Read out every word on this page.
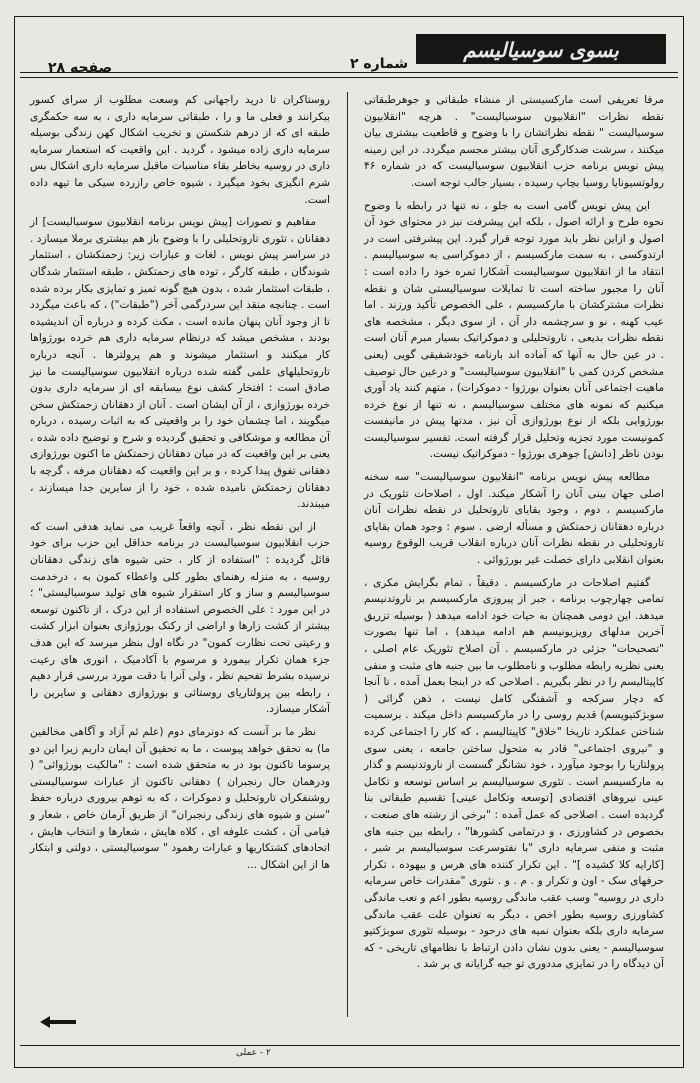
بسوی سوسیالیسم
شماره ۲
صفحه ۲۸

مرفا تعریفی است مارکسیستی از منشاء طبقاتی و جوهرطبقاتی نقطه نظرات "انقلابیون سوسیالیست" . هرچه "انقلابیون سوسیالیست " نقطه نظراتشان را با وضوح و قاطعیت بیشتری بیان میکنند ، سرشت ضدکارگری آنان بیشتر مجسم میگردد. در این زمینه پیش نویس برنامه حزب انقلابیون سوسیالیست که در شماره ۴۶ رولوتسیونایا روسیا بچاپ رسیده ، بسیار جالب توجه است.

این پیش نویس گامی است به جلو ، نه تنها در رابطه با وضوح نحوه طرح و ارائه اصول ، بلکه این پیشرفت نیز در محتوای خود آن اصول و ازاین نظر باید مورد توجه قرار گیرد. این پیشرفتی است در ارتدوکسی ، به سمت مارکسیسم ، از دموکراسی به سوسیالیسم . انتقاد ما از انقلابیون سوسیالیست آشکارا ثمره خود را داده است : آنان را مجبور ساخته است تا تمایلات سوسیالیستی شان و نقطه نظرات مشترکشان با مارکسیسم ، علی الخصوص تأکید ورزند . اما عیب کهنه ، نو و سرچشمه دار آن ، از سوی دیگر ، مشخصه های نقطه نظرات بدیعی ، تاروتحلیلی و دموکراتیک بسیار مبرم آنان است . در عین حال به آنها که آماده اند بارنامه خودشفیقی گویی (یعنی مشخص کردن کمی با "انقلابیون سوسیالیست" و درعین حال توصیف ماهیت اجتماعی آنان بعنوان بورژوا - دموکرات) ، متهم کنند یاد آوری میکنیم که نمونه های مختلف سوسیالیسم ، نه تنها از نوع خرده بورژوایی بلکه از نوع بورژوازی آن نیز ، مدتها پیش در مانیفست کمونیست مورد تجزیه وتحلیل قرار گرفته است. تفسیر سوسیالیست بودن ناظر [دانش] جوهری بورژوا - دموکراتیک نیست.

مطالعه پیش نویس برنامه "انقلابیون سوسیالیست" سه سخنه اصلی جهان بینی آنان را آشکار میکند. اول ، اصلاحات تئوریک در مارکسیسم ، دوم ، وجود بقایای تاروتحلیل در نقطه نظرات آنان درباره دهقانان زحمتکش و مسأله ارضی . سوم : وجود همان بقایای تاروتحلیلی در نقطه نظرات آنان درباره انقلاب قریب الوقوع روسیه بعنوان انقلابی دارای خصلت غیر بورژوائی .

گفتیم اصلاحات در مارکسیسم . دقیقاً ، تمام بگرایش مکری ، تمامی چهارچوب برنامه ، جبر از پیروزی مارکسیسم بر ناروتدنیسم میدهد. این دومی همچنان به حیات خود ادامه میدهد ( بوسیله تزریق آخرین مدلهای رویزیونیسم هم ادامه میدهد) ، اما تنها بصورت "تصحیحات" جزئی در مارکسیسم . آن اصلاح تئوریک عام اصلی ، یعنی نظریه رابطه مطلوب و نامطلوب ما بین جنبه های مثبت و منفی کاپیتالیسم را در نظر بگیریم . اصلاحی که در اینجا بعمل آمده ، تا آنجا که دچار سرکجه و آشفتگی کامل نیست ، ذهن گرائی ( سوبژکتیویسم) قدیم روسی را در مارکسیسم داخل میکند . برسمیت شناختن عملکرد تاریخا "خلاق" کاپیتالیسم ، که کار را اجتماعی کرده و "نیروی اجتماعی" قادر به متحول ساختن جامعه ، یعنی سوی پرولتاریا را بوجود میآورد ، خود نشانگر گسست از ناروتدنیسم و گذار به مارکسیسم است . تئوری سوسیالیسم بر اساس توسعه و تکامل عینی نیروهای اقتصادی [توسعه وتکامل عینی] تقسیم طبقاتی بنا گردیده است . اصلاحی که عمل آمده : "برخی از رشته های صنعت ، بخصوص در کشاورزی ، و درتمامی کشورها" ، رابطه بین جنبه های مثبت و منفی سرمایه داری "با نفتوسرعت سوسیالیسم بر شبر ، [کارایه کلا کشیده ]" . این تکرار کننده های هرس و بیهوده ، تکرار حرفهای سک - اون و تکرار و . م . و . نئوری "مقدرات خاص سرمایه داری در روسیه" وسب عقب ماندگی روسیه بطور اعم و تعب ماندگی کشاورزی روسیه بطور اخص ، دیگر به تعنوان علت عقب ماندگی سرمایه داری بلکه بعنوان نمیه های درحود - بوسیله تئوری سوبژکتیو سوسیالیسم - یعنی بدون نشان دادن ارتباط با نظامهای تاریخی - که آن دیدگاه را در تمایزی مددوری تو جیه گرایانه ی بر شد .

روستاکران تا درید راجهانی کم وسعت مطلوب از سرای کسور بیکرانند و فعلی ما و را ، طبقاتی سرمایه داری ، به سه حکمگری طبقه ای که از درهم شکستن و تخریب اشکال کهن زندگی بوسیله سرمایه داری زاده میشود ، گردید . این واقعیت که استعمار سرمایه داری در روسیه بخاطر بقاء مناسبات ماقبل سرمایه داری اشکال بس شرم انگیزی بخود میگیرد ، شیوه خاص رازرده سیکی ما تیهه داده است.

مفاهیم و تصورات [پیش نویس برنامه انقلابیون سوسیالیست] از دهقانان ، تئوری تاروتحلیلی را با وضوح باز هم بیشتری برملا میسازد . در سراسر پیش نویس ، لغات و عبارات زیر: زحمتکشان ، استثمار شوندگان ، طبقه کارگر ، توده های زحمتکش ، طبقه استثمار شدگان ، طبقات استثمار شده ، بدون هیچ گونه تمیز و تمایزی بکار برده شده است . چنانچه منقد این سردرگمی آخر ("طبقات") ، که باعث میگردد تا از وجود آنان پنهان مانده است ، مکث کرده و درباره آن اندیشیده بودند ، مشخص میشد که درنظام سرمایه داری هم خرده بورژواها کار میکنند و استثمار میشوند و هم پرولترها . آنچه درباره تاروتحلیلهای علمی گفته شده درباره انقلابیون سوسیالیست ما نیز صادق است : افتخار کشف نوع بیسابقه ای از سرمایه داری بدون خرده بورژوازی ، از آن ایشان است . آنان از دهقانان زحمتکش سخن میگویند ، اما چشمان خود را بر واقعیتی که به اثبات رسیده ، درباره آن مطالعه و موشکافی و تحقیق گردیده و شرح و توضیح داده شده ، یعنی بر این واقعیت که در میان دهقانان زحمتکش ما اکنون بورژوازی دهقانی تفوق پیدا کرده ، و بر این واقعیت که دهقانان مرفه ، گرچه با دهقانان زحمتکش نامیده شده ، خود را از سایرین جدا میسازند ، میبندند.

از این نقطه نظر ، آنچه واقعاً غریب می نماید هدفی است که حزب انقلابیون سوسیالیست در برنامه حداقل این حزب برای خود قائل گردیده : "استفاده از کار ، حتی شیوه های زندگی دهقانان روسیه ، به منزله رهنمای بطور کلی واعطاء کمون به ، درخدمت سوسیالیسم و ساز و کار استقرار شیوه های تولید سوسیالیستی" ؛ در این مورد : علی الخصوص استفاده از این درک ، از تاکنون توسعه بیشتر از کشت زارها و اراضی از رکنک بورژوازی بعنوان ابزار کشت و رعیتی تحت نظارت کمون" در نگاه اول بنظر میرسد که این هدف جزء همان تکرار بیمورد و مرسوم با آکادمیک ، انوری های رعیت نرسیده بشرط تفحیم نظر ، ولی آنرا با دقت مورد بررسی قرار دهیم ، رابطه بین پرولتاریای روستائی و بورژوازی دهقانی و سایرین را آشکار میسازد.

نظر ما بر آنست که دونرمای دوم (علم ئم آزاد و آگاهی مخالفین ما) به تحقق خواهد پیوست ، ما به تحقیق آن ایمان داریم زیرا این دو پرسوما تاکنون بود در به متحقق شده است : "مالکیت بورژوائی" ( ودرهمان حال رنجبران ) دهقانی تاکنون از عبارات سوسیالیستی روشنفکران تاروتحلیل و دموکرات ، که به توهم بیروری درباره حفظ "سنن و شیوه های زندگی رنجبران" از طریق آرمان خاص ، شعار و فیامی آن ، کشت علوفه ای ، کلاه هایش ، شعارها و انتخاب هایش ، اتحادهای کشتکاریها و عبارات رهمود " سوسیالیستی ، دولتی و ابتکار ها از این اشکال ...

٢ - عملی
